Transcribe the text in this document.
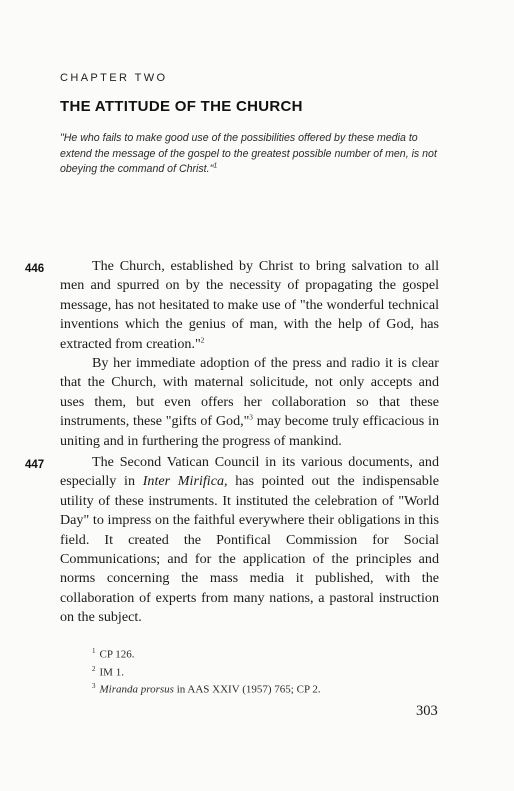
CHAPTER TWO
THE ATTITUDE OF THE CHURCH
"He who fails to make good use of the possibilities offered by these media to extend the message of the gospel to the greatest possible number of men, is not obeying the command of Christ."$^1$
446	The Church, established by Christ to bring salvation to all men and spurred on by the necessity of propagating the gospel message, has not hesitated to make use of "the wonderful technical inventions which the genius of man, with the help of God, has extracted from creation."$^2$

By her immediate adoption of the press and radio it is clear that the Church, with maternal solicitude, not only accepts and uses them, but even offers her collaboration so that these instruments, these "gifts of God,"$^3$ may become truly efficacious in uniting and in furthering the progress of mankind.

447	The Second Vatican Council in its various documents, and especially in Inter Mirifica, has pointed out the indispensable utility of these instruments. It instituted the celebration of "World Day" to impress on the faithful everywhere their obligations in this field. It created the Pontifical Commission for Social Communications; and for the application of the principles and norms concerning the mass media it published, with the collaboration of experts from many nations, a pastoral instruction on the subject.

$^1$ CP 126.
$^2$ IM 1.
$^3$ Miranda prorsus in AAS XXIV (1957) 765; CP 2.
303
